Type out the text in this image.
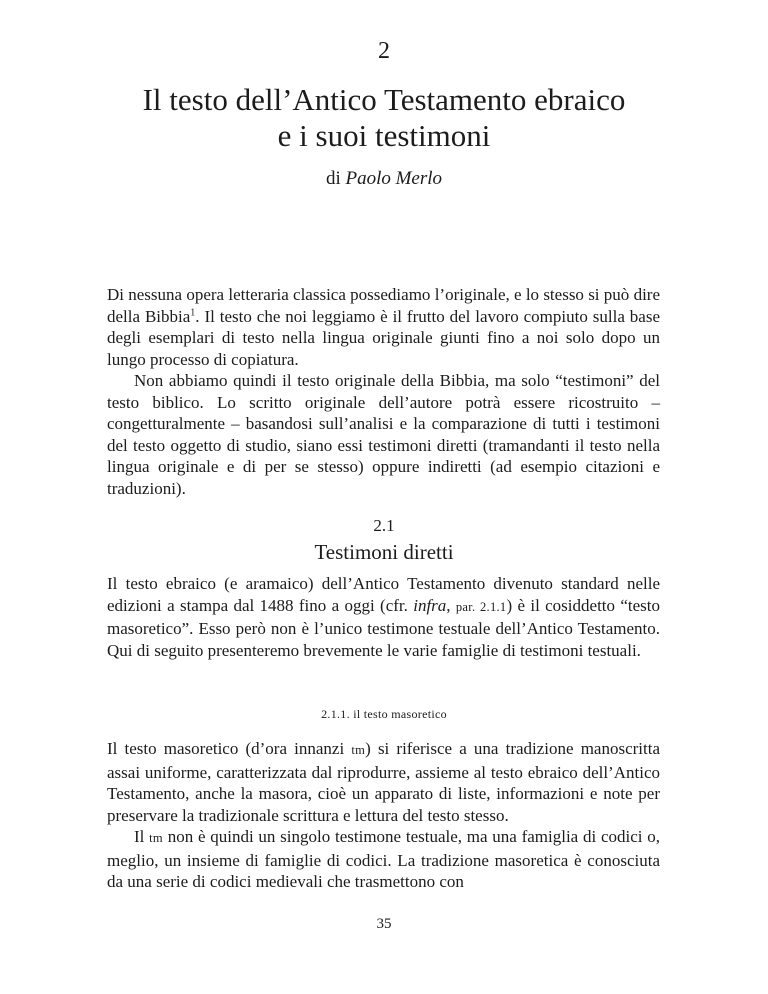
2
Il testo dell’Antico Testamento ebraico
e i suoi testimoni
di Paolo Merlo

Di nessuna opera letteraria classica possediamo l’originale, e lo stesso si può dire della Bibbia$^1$. Il testo che noi leggiamo è il frutto del lavoro compiuto sulla base degli esemplari di testo nella lingua originale giunti fino a noi solo dopo un lungo processo di copiatura.

Non abbiamo quindi il testo originale della Bibbia, ma solo “testimoni” del testo biblico. Lo scritto originale dell’autore potrà essere ricostruito – congetturalmente – basandosi sull’analisi e la comparazione di tutti i testimoni del testo oggetto di studio, siano essi testimoni diretti (tramandanti il testo nella lingua originale e di per se stesso) oppure indiretti (ad esempio citazioni e traduzioni).

2.1
Testimoni diretti

Il testo ebraico (e aramaico) dell’Antico Testamento divenuto standard nelle edizioni a stampa dal 1488 fino a oggi (cfr. infra, par. 2.1.1) è il cosiddetto “testo masoretico”. Esso però non è l’unico testimone testuale dell’Antico Testamento. Qui di seguito presenteremo brevemente le varie famiglie di testimoni testuali.

2.1.1. il testo masoretico

Il testo masoretico (d’ora innanzi tm) si riferisce a una tradizione manoscritta assai uniforme, caratterizzata dal riprodurre, assieme al testo ebraico dell’Antico Testamento, anche la masora, cioè un apparato di liste, informazioni e note per preservare la tradizionale scrittura e lettura del testo stesso.

Il tm non è quindi un singolo testimone testuale, ma una famiglia di codici o, meglio, un insieme di famiglie di codici. La tradizione masoretica è conosciuta da una serie di codici medievali che trasmettono con

35
